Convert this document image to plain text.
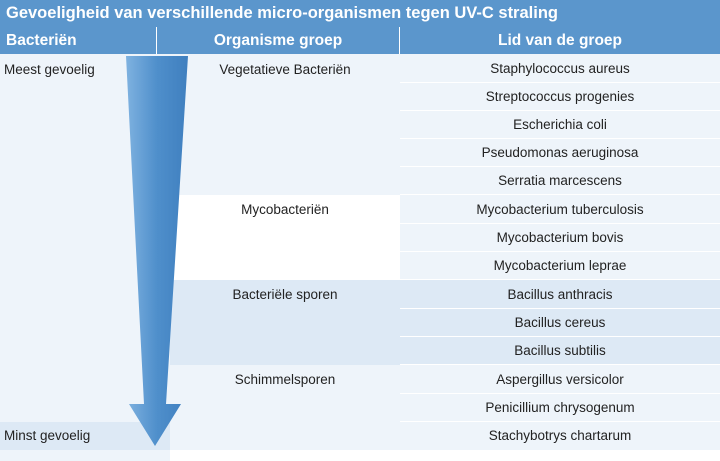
Gevoeligheid van verschillende micro-organismen tegen UV-C straling
Bacteriën	Organisme groep	Lid van de groep
Meest gevoelig
Minst gevoelig
Vegetatieve Bacteriën
Mycobacteriën
Bacteriële sporen
Schimmelsporen
Staphylococcus aureus
Streptococcus progenies
Escherichia coli
Pseudomonas aeruginosa
Serratia marcescens
Mycobacterium tuberculosis
Mycobacterium bovis
Mycobacterium leprae
Bacillus anthracis
Bacillus cereus
Bacillus subtilis
Aspergillus versicolor
Penicillium chrysogenum
Stachybotrys chartarum
